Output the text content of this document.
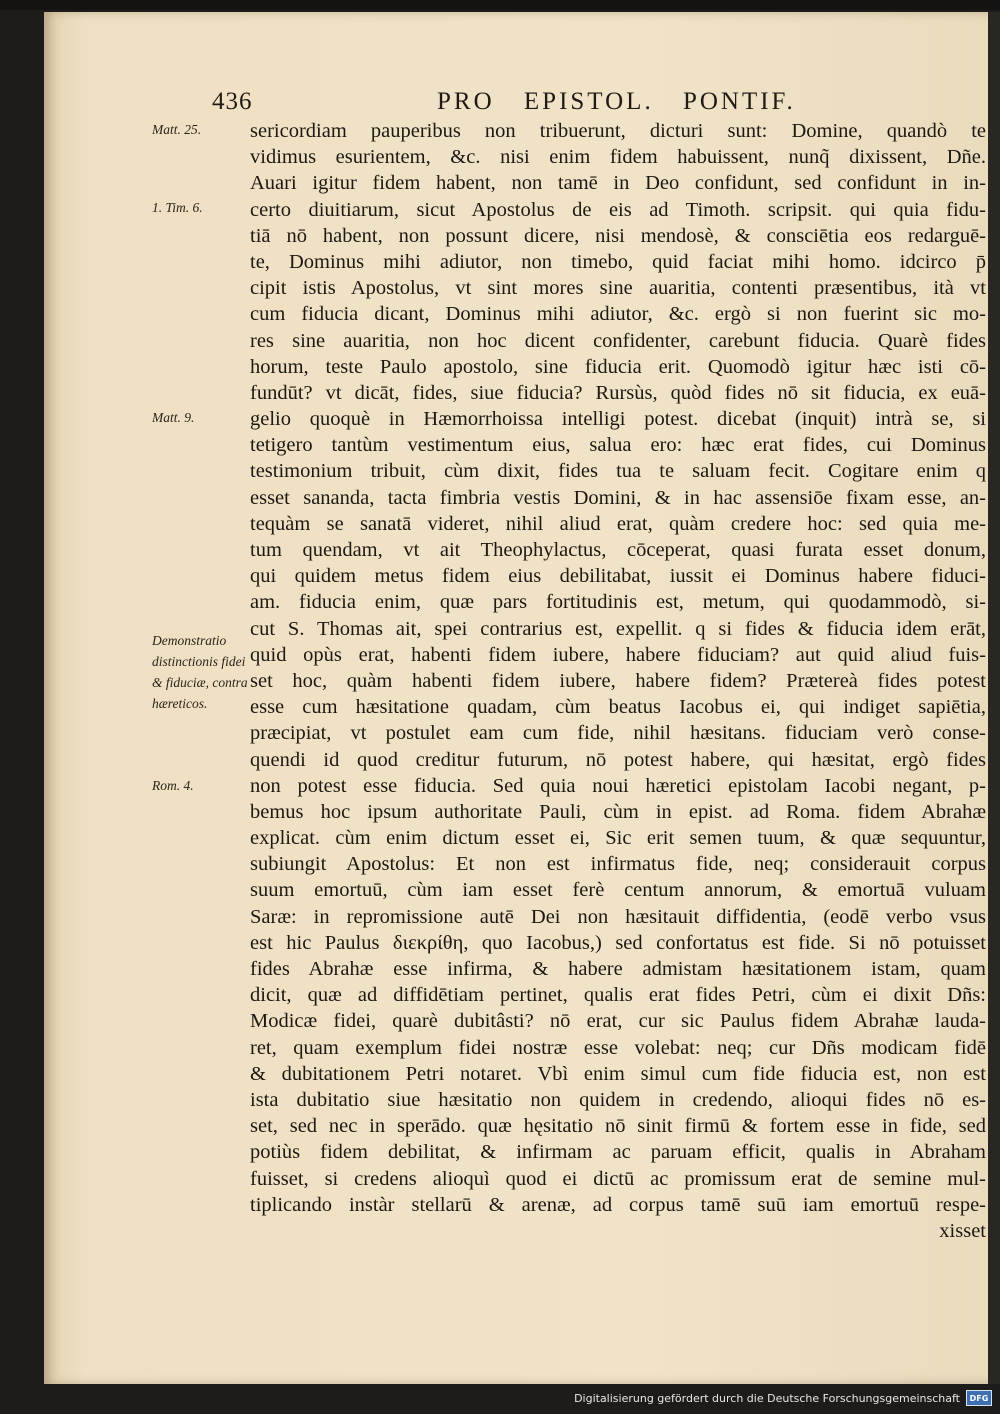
436	PRO EPISTOL. PONTIF.
Matt. 25.
1. Tim. 6.
Matt. 9.
Demonstratio distinctionis fidei & fiduciæ, contra hæreticos.
Rom. 4.
sericordiam pauperibus non tribuerunt, dicturi sunt: Domine, quandò te
vidimus esurientem, &c. nisi enim fidem habuissent, nunq̃ dixissent, Dñe.
Auari igitur fidem habent, non tamē in Deo confidunt, sed confidunt in in-
certo diuitiarum, sicut Apostolus de eis ad Timoth. scripsit. qui quia fidu-
tiā nō habent, non possunt dicere, nisi mendosè, & consciētia eos redarguē-
te, Dominus mihi adiutor, non timebo, quid faciat mihi homo. idcirco p̄
cipit istis Apostolus, vt sint mores sine auaritia, contenti præsentibus, ità vt
cum fiducia dicant, Dominus mihi adiutor, &c. ergò si non fuerint sic mo-
res sine auaritia, non hoc dicent confidenter, carebunt fiducia. Quarè fides
horum, teste Paulo apostolo, sine fiducia erit. Quomodò igitur hæc isti cō-
fundūt? vt dicāt, fides, siue fiducia? Rursùs, quòd fides nō sit fiducia, ex euā-
gelio quoquè in Hæmorrhoissa intelligi potest. dicebat (inquit) intrà se, si
tetigero tantùm vestimentum eius, salua ero: hæc erat fides, cui Dominus
testimonium tribuit, cùm dixit, fides tua te saluam fecit. Cogitare enim q
esset sananda, tacta fimbria vestis Domini, & in hac assensiōe fixam esse, an-
tequàm se sanatā videret, nihil aliud erat, quàm credere hoc: sed quia me-
tum quendam, vt ait Theophylactus, cōceperat, quasi furata esset donum,
qui quidem metus fidem eius debilitabat, iussit ei Dominus habere fiduci-
am. fiducia enim, quæ pars fortitudinis est, metum, qui quodammodò, si-
cut S. Thomas ait, spei contrarius est, expellit. q si fides & fiducia idem erāt,
quid opùs erat, habenti fidem iubere, habere fiduciam? aut quid aliud fuis-
set hoc, quàm habenti fidem iubere, habere fidem? Prætereà fides potest
esse cum hæsitatione quadam, cùm beatus Iacobus ei, qui indiget sapiētia,
præcipiat, vt postulet eam cum fide, nihil hæsitans. fiduciam verò conse-
quendi id quod creditur futurum, nō potest habere, qui hæsitat, ergò fides
non potest esse fiducia. Sed quia noui hæretici epistolam Iacobi negant, p-
bemus hoc ipsum authoritate Pauli, cùm in epist. ad Roma. fidem Abrahæ
explicat. cùm enim dictum esset ei, Sic erit semen tuum, & quæ sequuntur,
subiungit Apostolus: Et non est infirmatus fide, neq; considerauit corpus
suum emortuū, cùm iam esset ferè centum annorum, & emortuā vuluam
Saræ: in repromissione autē Dei non hæsitauit diffidentia, (eodē verbo vsus
est hic Paulus διεκρίθη, quo Iacobus,) sed confortatus est fide. Si nō potuisset
fides Abrahæ esse infirma, & habere admistam hæsitationem istam, quam
dicit, quæ ad diffidētiam pertinet, qualis erat fides Petri, cùm ei dixit Dñs:
Modicæ fidei, quarè dubitâsti? nō erat, cur sic Paulus fidem Abrahæ lauda-
ret, quam exemplum fidei nostræ esse volebat: neq; cur Dñs modicam fidē
& dubitationem Petri notaret. Vbì enim simul cum fide fiducia est, non est
ista dubitatio siue hæsitatio non quidem in credendo, alioqui fides nō es-
set, sed nec in sperādo. quæ hęsitatio nō sinit firmū & fortem esse in fide, sed
potiùs fidem debilitat, & infirmam ac paruam efficit, qualis in Abraham
fuisset, si credens alioquì quod ei dictū ac promissum erat de semine mul-
tiplicando instàr stellarū & arenæ, ad corpus tamē suū iam emortuū respe-
xisset
Digitalisierung gefördert durch die Deutsche Forschungsgemeinschaft	DFG
